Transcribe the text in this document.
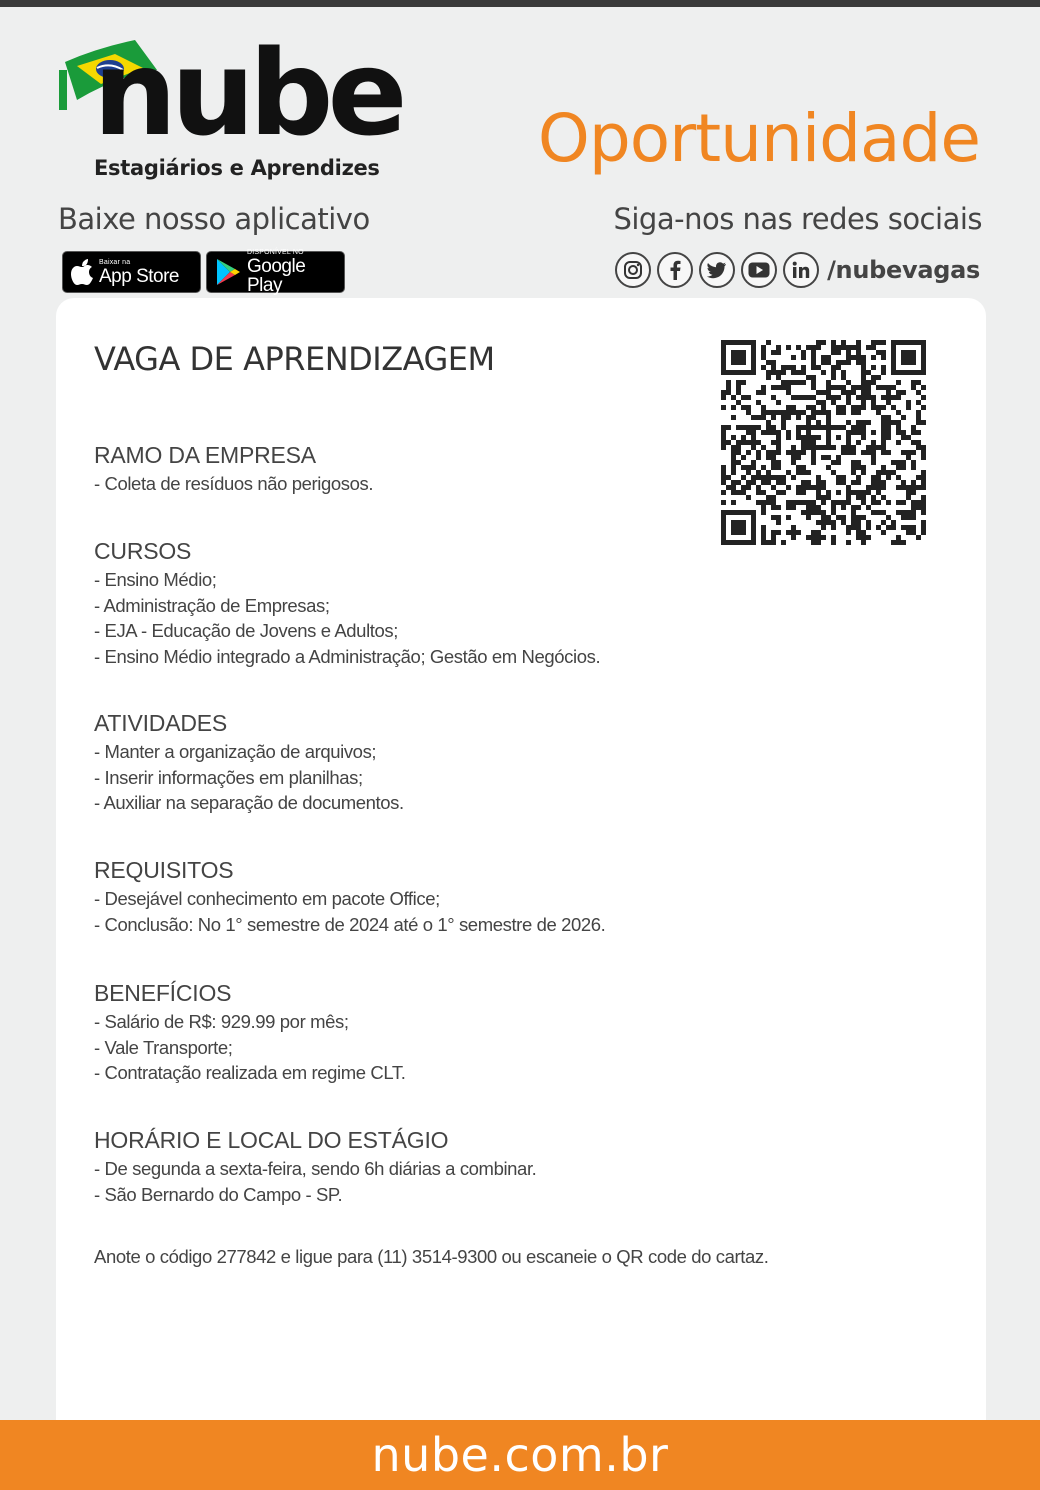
nube
Estagiários e Aprendizes Oportunidade
Baixe nosso aplicativo	Siga-nos nas redes sociais
Baixar na
App Store
DISPONÍVEL NO
Google Play
/nubevagas
VAGA DE APRENDIZAGEM
RAMO DA EMPRESA
- Coleta de resíduos não perigosos.
CURSOS
- Ensino Médio;
- Administração de Empresas;
- EJA - Educação de Jovens e Adultos;
- Ensino Médio integrado a Administração; Gestão em Negócios.
ATIVIDADES
- Manter a organização de arquivos;
- Inserir informações em planilhas;
- Auxiliar na separação de documentos.
REQUISITOS
- Desejável conhecimento em pacote Office;
- Conclusão: No 1° semestre de 2024 até o 1° semestre de 2026.
BENEFÍCIOS
- Salário de R$: 929.99 por mês;
- Vale Transporte;
- Contratação realizada em regime CLT.
HORÁRIO E LOCAL DO ESTÁGIO
- De segunda a sexta-feira, sendo 6h diárias a combinar.
- São Bernardo do Campo - SP.
Anote o código 277842 e ligue para (11) 3514-9300 ou escaneie o QR code do cartaz.
nube.com.br
